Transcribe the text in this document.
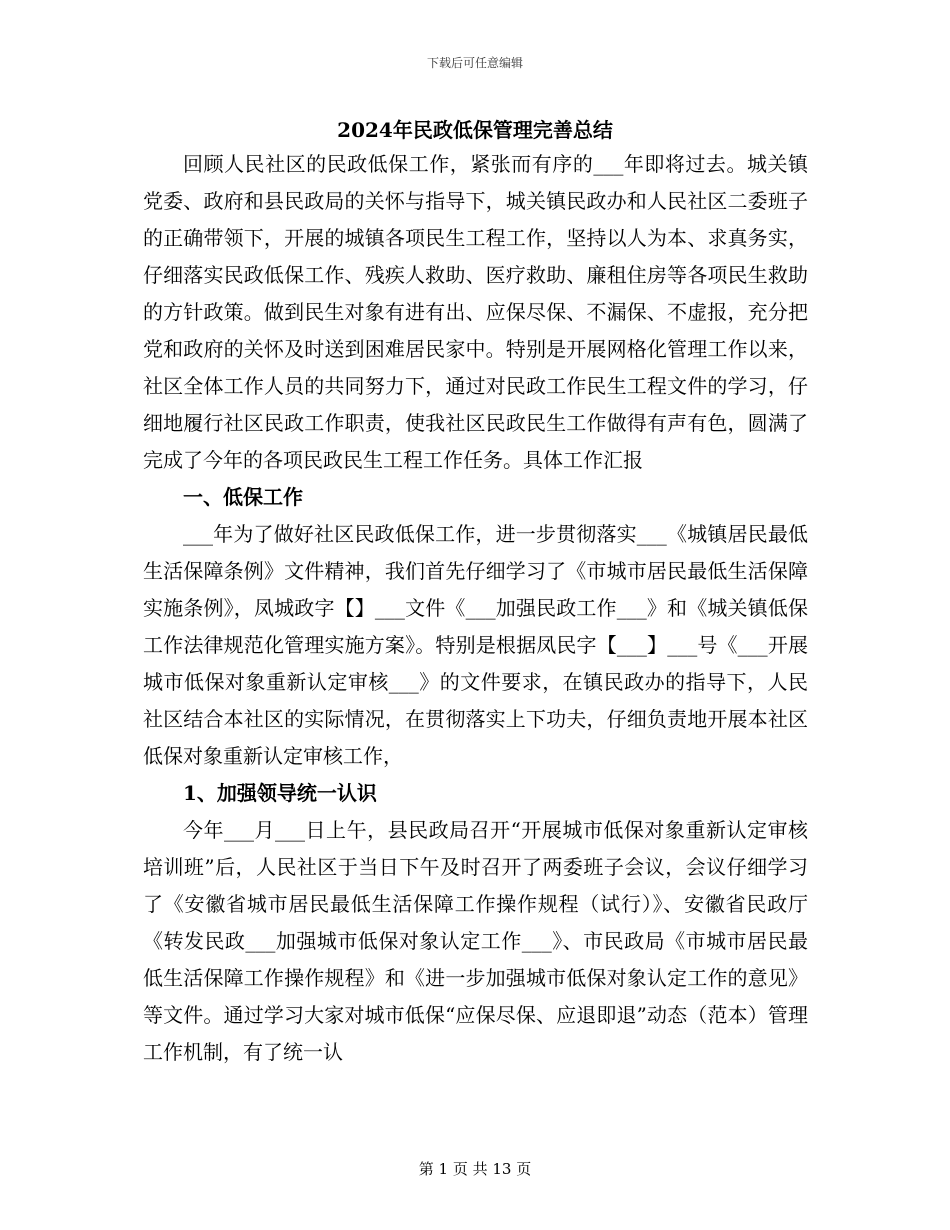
下载后可任意编辑
2024年民政低保管理完善总结

回顾人民社区的民政低保工作，紧张而有序的___年即将过去。城关镇党委、政府和县民政局的关怀与指导下，城关镇民政办和人民社区二委班子的正确带领下，开展的城镇各项民生工程工作，坚持以人为本、求真务实，仔细落实民政低保工作、残疾人救助、医疗救助、廉租住房等各项民生救助的方针政策。做到民生对象有进有出、应保尽保、不漏保、不虚报，充分把党和政府的关怀及时送到困难居民家中。特别是开展网格化管理工作以来，社区全体工作人员的共同努力下，通过对民政工作民生工程文件的学习，仔细地履行社区民政工作职责，使我社区民政民生工作做得有声有色，圆满了完成了今年的各项民政民生工程工作任务。具体工作汇报

一、低保工作

___年为了做好社区民政低保工作，进一步贯彻落实___《城镇居民最低生活保障条例》文件精神，我们首先仔细学习了《市城市居民最低生活保障实施条例》，凤城政字【】___文件《___加强民政工作___》和《城关镇低保工作法律规范化管理实施方案》。特别是根据凤民字【___】___号《___开展城市低保对象重新认定审核___》的文件要求，在镇民政办的指导下，人民社区结合本社区的实际情况，在贯彻落实上下功夫，仔细负责地开展本社区低保对象重新认定审核工作，

1、加强领导统一认识

今年___月___日上午，县民政局召开“开展城市低保对象重新认定审核培训班”后，人民社区于当日下午及时召开了两委班子会议，会议仔细学习了《安徽省城市居民最低生活保障工作操作规程（试行）》、安徽省民政厅《转发民政___加强城市低保对象认定工作___》、市民政局《市城市居民最低生活保障工作操作规程》和《进一步加强城市低保对象认定工作的意见》等文件。通过学习大家对城市低保“应保尽保、应退即退”动态（范本）管理工作机制，有了统一认

第 1 页 共 13 页
